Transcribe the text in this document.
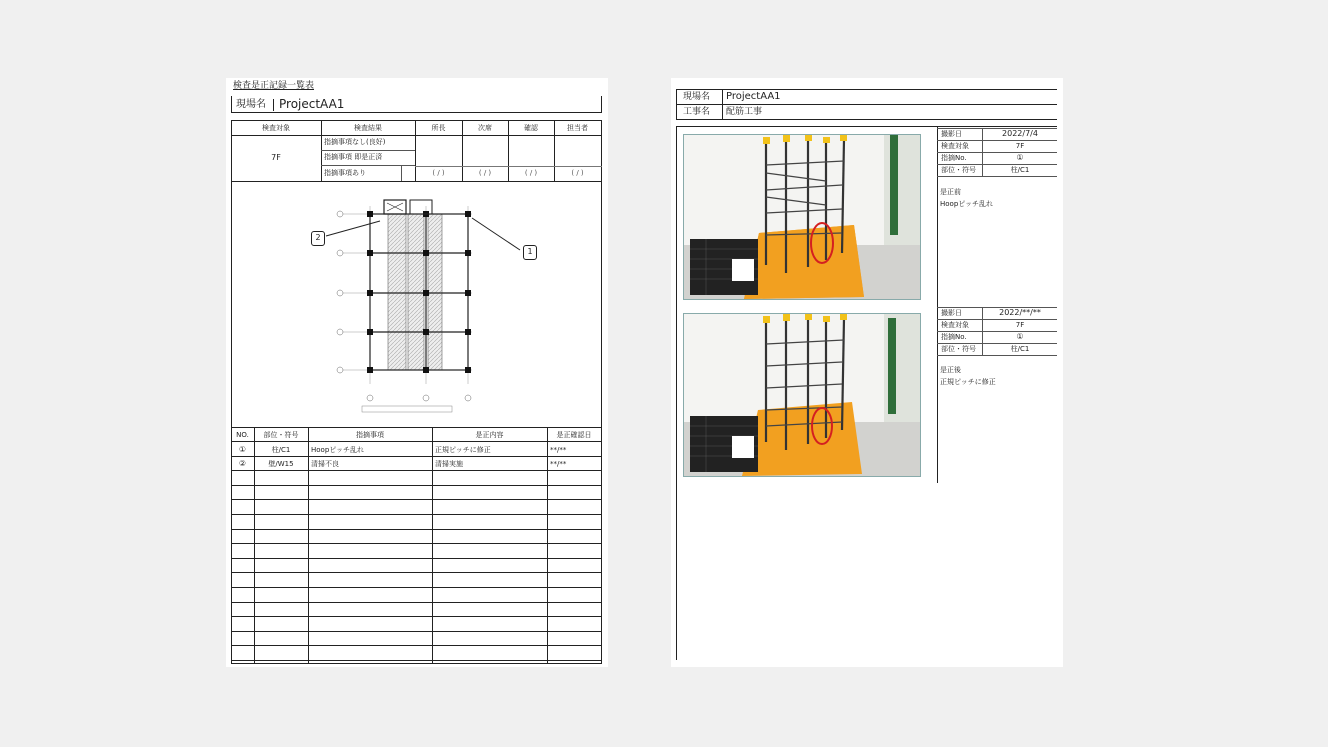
検査是正記録一覧表
現場名 ProjectAA1
検査対象	検査結果	所長	次席	確認	担当者
7F
指摘事項なし(良好)
指摘事項 即是正済
指摘事項あり	( / )	( / )	( / )	( / )
2
1
NO.	部位・符号	指摘事項	是正内容	是正確認日
①	柱/C1	Hoopピッチ乱れ	正規ピッチに修正	**/**
②	壁/W15	清掃不良	清掃実施	**/**
現場名 ProjectAA1
工事名 配筋工事
撮影日	2022/7/4
検査対象	7F
指摘No.	①
部位・符号	柱/C1
是正前
Hoopピッチ乱れ
撮影日	2022/**/**
検査対象	7F
指摘No.	①
部位・符号	柱/C1
是正後
正規ピッチに修正
